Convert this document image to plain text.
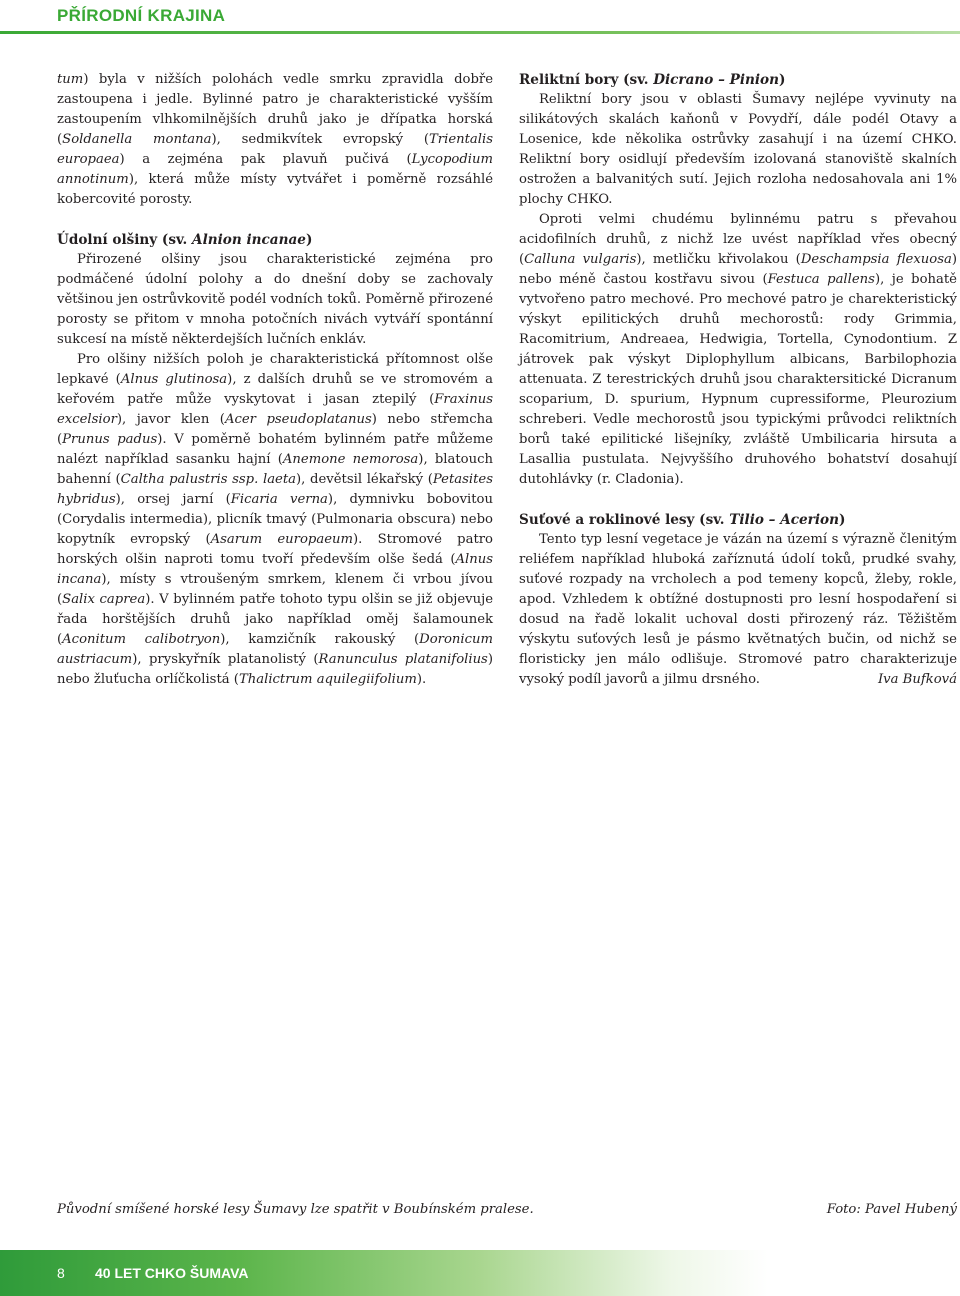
PŘÍRODNÍ KRAJINA

tum) byla v nižších polohách vedle smrku zpravidla dobře zastoupena i jedle. Bylinné patro je charakteristické vyšším zastoupením vlhkomilnějších druhů jako je dřípatka horská (Soldanella montana), sedmikvítek evropský (Trientalis europaea) a zejména pak plavuň pučivá (Lycopodium annotinum), která může místy vytvářet i poměrně rozsáhlé kobercovité porosty.

Údolní olšiny (sv. Alnion incanae)

Přirozené olšiny jsou charakteristické zejména pro podmáčené údolní polohy a do dnešní doby se zachovaly většinou jen ostrůvkovitě podél vodních toků. Poměrně přirozené porosty se přitom v mnoha potočních nivách vytváří spontánní sukcesí na místě některdejších lučních enkláv.

Pro olšiny nižších poloh je charakteristická přítomnost olše lepkavé (Alnus glutinosa), z dalších druhů se ve stromovém a keřovém patře může vyskytovat i jasan ztepilý (Fraxinus excelsior), javor klen (Acer pseudoplatanus) nebo střemcha (Prunus padus). V poměrně bohatém bylinném patře můžeme nalézt například sasanku hajní (Anemone nemorosa), blatouch bahenní (Caltha palustris ssp. laeta), devětsil lékařský (Petasites hybridus), orsej jarní (Ficaria verna), dymnivku bobovitou (Corydalis intermedia), plicník tmavý (Pulmonaria obscura) nebo kopytník evropský (Asarum europaeum). Stromové patro horských olšin naproti tomu tvoří především olše šedá (Alnus incana), místy s vtroušeným smrkem, klenem či vrbou jívou (Salix caprea). V bylinném patře tohoto typu olšin se již objevuje řada horštějších druhů jako například oměj šalamounek (Aconitum calibotryon), kamzičník rakouský (Doronicum austriacum), pryskyřník platanolistý (Ranunculus platanifolius) nebo žluťucha orlíčkolistá (Thalictrum aquilegiifolium).

Reliktní bory (sv. Dicrano – Pinion)

Reliktní bory jsou v oblasti Šumavy nejlépe vyvinuty na silikátových skalách kaňonů v Povydří, dále podél Otavy a Losenice, kde několika ostrůvky zasahují i na území CHKO. Reliktní bory osidlují především izolovaná stanoviště skalních ostrožen a balvanitých sutí. Jejich rozloha nedosahovala ani 1% plochy CHKO.

Oproti velmi chudému bylinnému patru s převahou acidofilních druhů, z nichž lze uvést například vřes obecný (Calluna vulgaris), metličku křivolakou (Deschampsia flexuosa) nebo méně častou kostřavu sivou (Festuca pallens), je bohatě vytvořeno patro mechové. Pro mechové patro je charekteristický výskyt epilitických druhů mechorostů: rody Grimmia, Racomitrium, Andreaea, Hedwigia, Tortella, Cynodontium. Z játrovek pak výskyt Diplophyllum albicans, Barbilophozia attenuata. Z terestrických druhů jsou charaktersitické Dicranum scoparium, D. spurium, Hypnum cupressiforme, Pleurozium schreberi. Vedle mechorostů jsou typickými průvodci reliktních borů také epilitické lišejníky, zvláště Umbilicaria hirsuta a Lasallia pustulata. Nejvyššího druhového bohatství dosahují dutohlávky (r. Cladonia).

Suťové a roklinové lesy (sv. Tilio – Acerion)

Tento typ lesní vegetace je vázán na území s výrazně členitým reliéfem například hluboká zaříznutá údolí toků, prudké svahy, suťové rozpady na vrcholech a pod temeny kopců, žleby, rokle, apod. Vzhledem k obtížné dostupnosti pro lesní hospodaření si dosud na řadě lokalit uchoval dosti přirozený ráz. Těžištěm výskytu suťových lesů je pásmo květnatých bučin, od nichž se floristicky jen málo odlišuje. Stromové patro charakterizuje vysoký podíl javorů a jilmu drsného.	Iva Bufková

Původní smíšené horské lesy Šumavy lze spatřit v Boubínském pralese.	Foto: Pavel Hubený
8 40 LET CHKO ŠUMAVA
